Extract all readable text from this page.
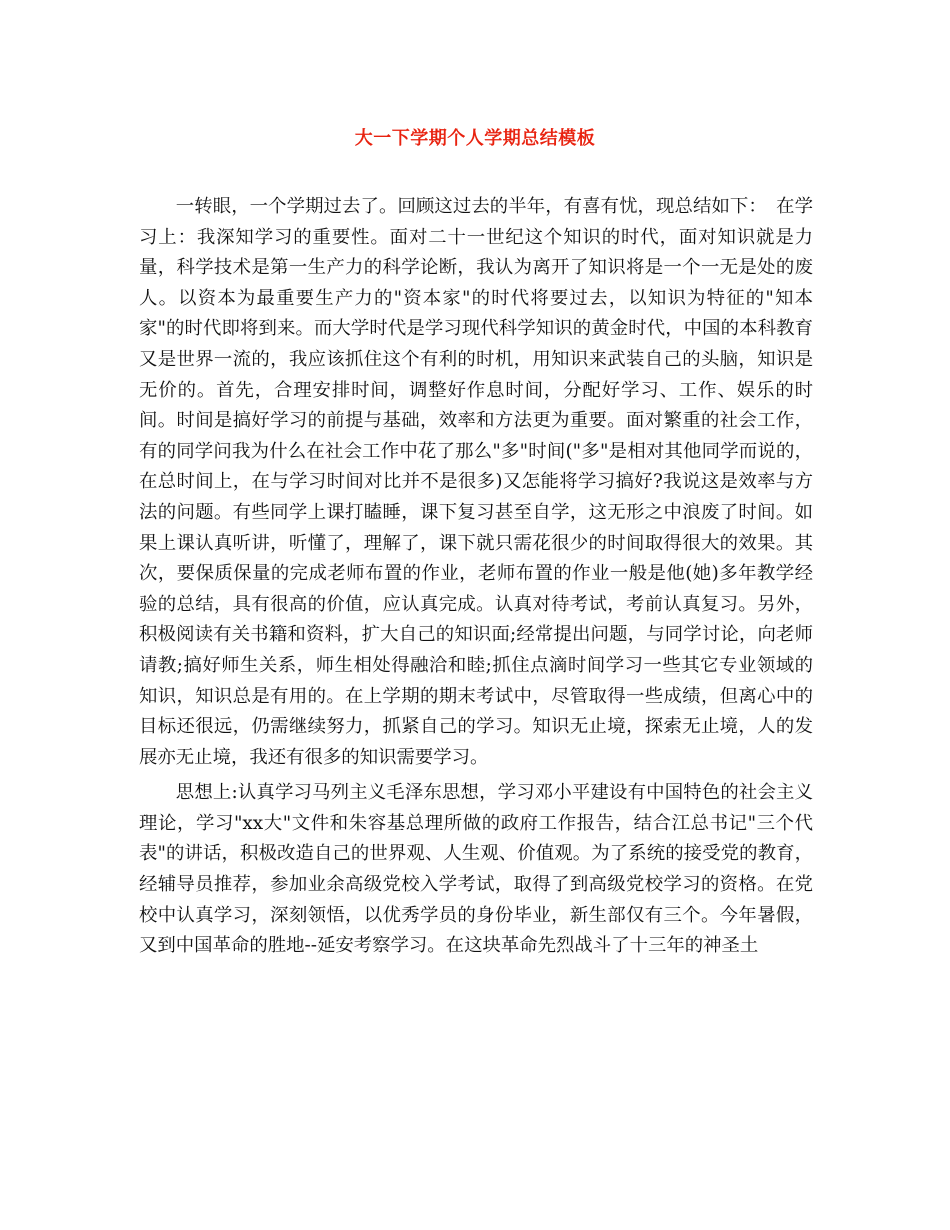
大一下学期个人学期总结模板

一转眼，一个学期过去了。回顾这过去的半年，有喜有忧，现总结如下：　在学习上：我深知学习的重要性。面对二十一世纪这个知识的时代，面对知识就是力量，科学技术是第一生产力的科学论断，我认为离开了知识将是一个一无是处的废人。以资本为最重要生产力的"资本家"的时代将要过去，以知识为特征的"知本家"的时代即将到来。而大学时代是学习现代科学知识的黄金时代，中国的本科教育又是世界一流的，我应该抓住这个有利的时机，用知识来武装自己的头脑，知识是无价的。首先，合理安排时间，调整好作息时间，分配好学习、工作、娱乐的时间。时间是搞好学习的前提与基础，效率和方法更为重要。面对繁重的社会工作，有的同学问我为什么在社会工作中花了那么"多"时间("多"是相对其他同学而说的，在总时间上，在与学习时间对比并不是很多)又怎能将学习搞好?我说这是效率与方法的问题。有些同学上课打瞌睡，课下复习甚至自学，这无形之中浪废了时间。如果上课认真听讲，听懂了，理解了，课下就只需花很少的时间取得很大的效果。其次，要保质保量的完成老师布置的作业，老师布置的作业一般是他(她)多年教学经验的总结，具有很高的价值，应认真完成。认真对待考试，考前认真复习。另外，积极阅读有关书籍和资料，扩大自己的知识面;经常提出问题，与同学讨论，向老师请教;搞好师生关系，师生相处得融洽和睦;抓住点滴时间学习一些其它专业领域的知识，知识总是有用的。在上学期的期末考试中，尽管取得一些成绩，但离心中的目标还很远，仍需继续努力，抓紧自己的学习。知识无止境，探索无止境，人的发展亦无止境，我还有很多的知识需要学习。

思想上:认真学习马列主义毛泽东思想，学习邓小平建设有中国特色的社会主义理论，学习"xx大"文件和朱容基总理所做的政府工作报告，结合江总书记"三个代表"的讲话，积极改造自己的世界观、人生观、价值观。为了系统的接受党的教育，经辅导员推荐，参加业余高级党校入学考试，取得了到高级党校学习的资格。在党校中认真学习，深刻领悟，以优秀学员的身份毕业，新生部仅有三个。今年暑假，又到中国革命的胜地--延安考察学习。在这块革命先烈战斗了十三年的神圣土
